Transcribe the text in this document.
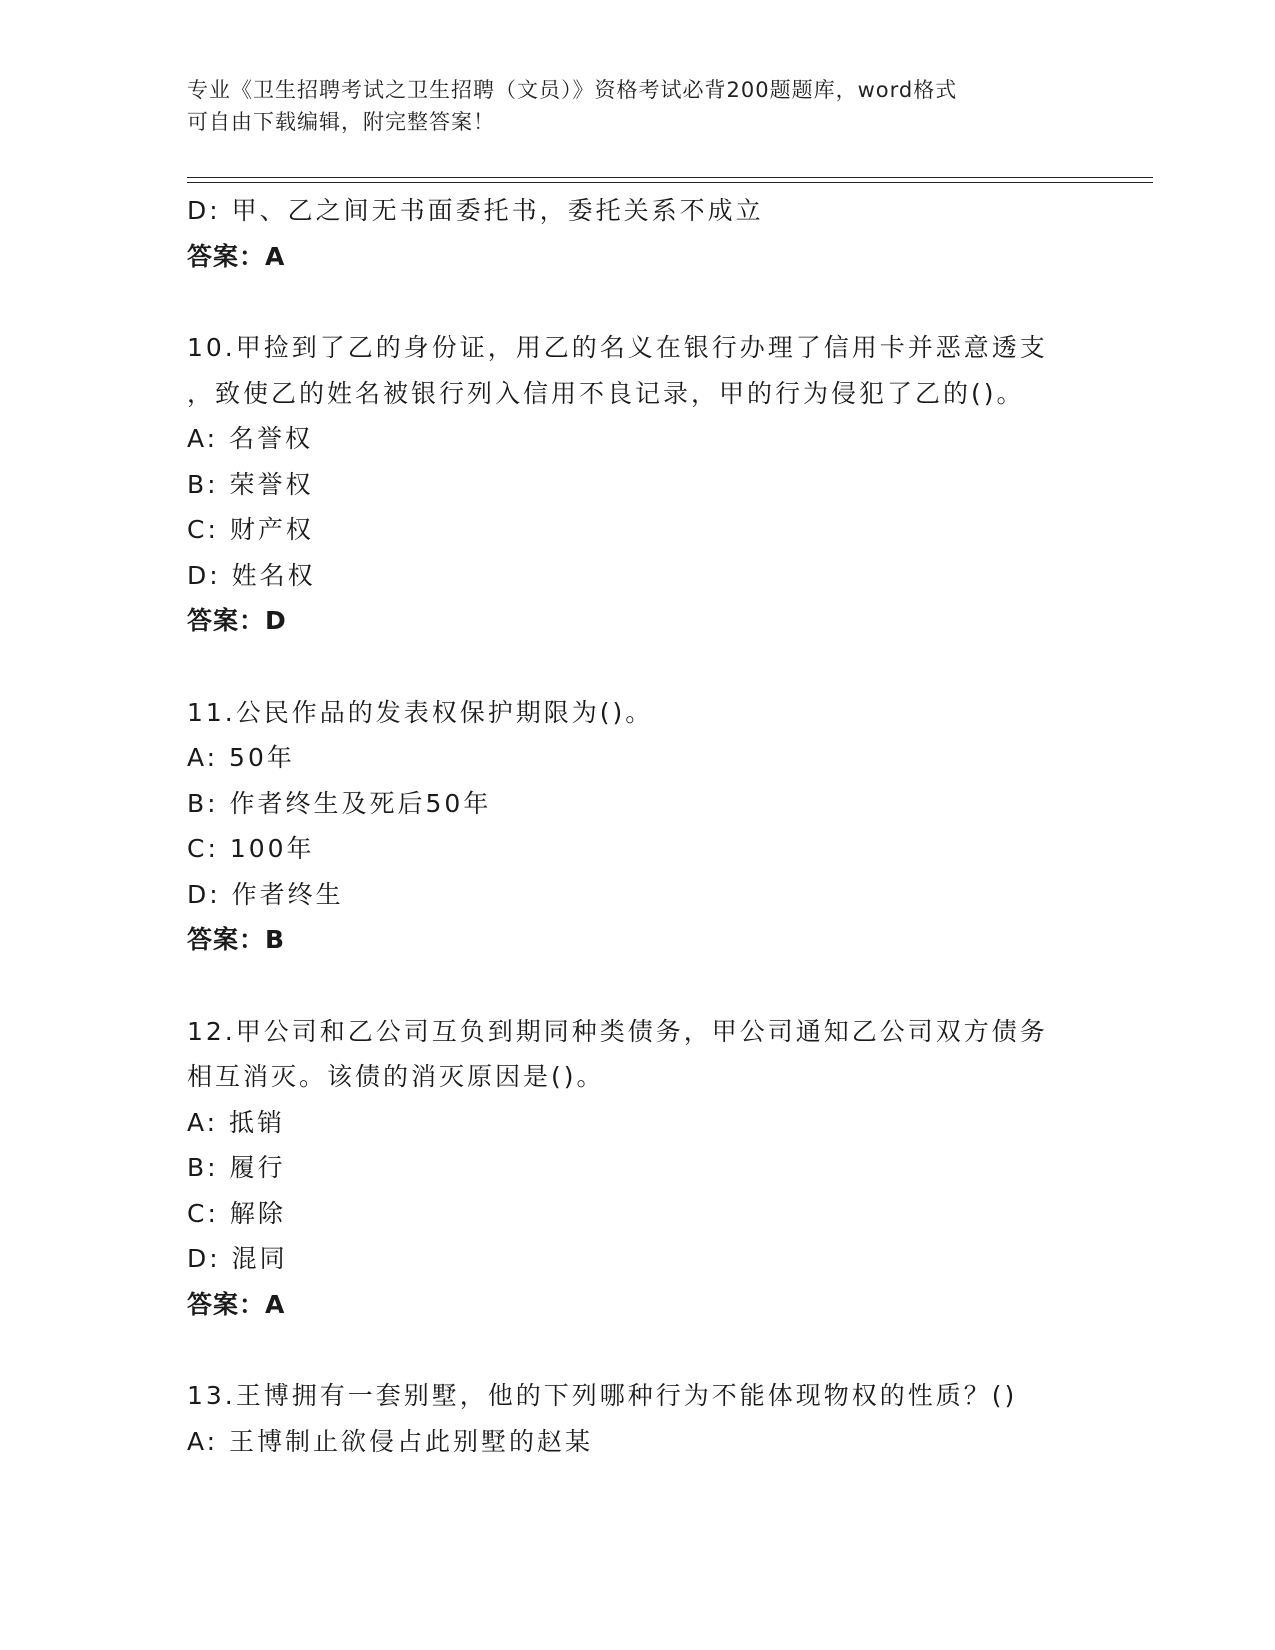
专业《卫生招聘考试之卫生招聘（文员）》资格考试必背200题题库，word格式
可自由下载编辑，附完整答案！
D: 甲、乙之间无书面委托书，委托关系不成立
答案：A
10.甲捡到了乙的身份证，用乙的名义在银行办理了信用卡并恶意透支
，致使乙的姓名被银行列入信用不良记录，甲的行为侵犯了乙的()。
A: 名誉权
B: 荣誉权
C: 财产权
D: 姓名权
答案：D
11.公民作品的发表权保护期限为()。
A: 50年
B: 作者终生及死后50年
C: 100年
D: 作者终生
答案：B
12.甲公司和乙公司互负到期同种类债务，甲公司通知乙公司双方债务
相互消灭。该债的消灭原因是()。
A: 抵销
B: 履行
C: 解除
D: 混同
答案：A
13.王博拥有一套别墅，他的下列哪种行为不能体现物权的性质？()
A: 王博制止欲侵占此别墅的赵某
